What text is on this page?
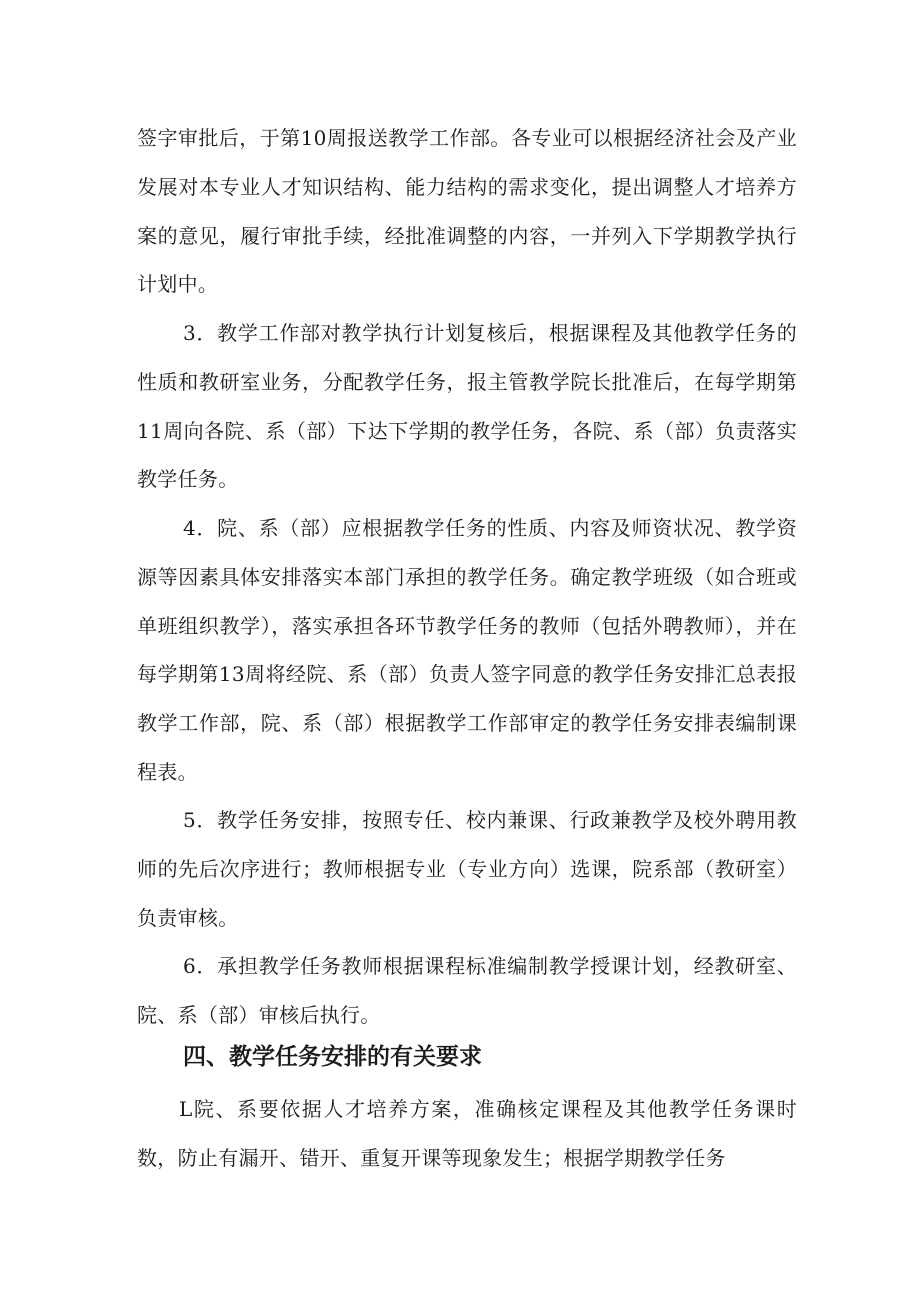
签字审批后，于第10周报送教学工作部。各专业可以根据经济社会及产业发展对本专业人才知识结构、能力结构的需求变化，提出调整人才培养方案的意见，履行审批手续，经批准调整的内容，一并列入下学期教学执行计划中。

3．教学工作部对教学执行计划复核后，根据课程及其他教学任务的性质和教研室业务，分配教学任务，报主管教学院长批准后，在每学期第11周向各院、系（部）下达下学期的教学任务，各院、系（部）负责落实教学任务。

4．院、系（部）应根据教学任务的性质、内容及师资状况、教学资源等因素具体安排落实本部门承担的教学任务。确定教学班级（如合班或单班组织教学），落实承担各环节教学任务的教师（包括外聘教师），并在每学期第13周将经院、系（部）负责人签字同意的教学任务安排汇总表报教学工作部，院、系（部）根据教学工作部审定的教学任务安排表编制课程表。

5．教学任务安排，按照专任、校内兼课、行政兼教学及校外聘用教师的先后次序进行；教师根据专业（专业方向）选课，院系部（教研室）负责审核。

6．承担教学任务教师根据课程标准编制教学授课计划，经教研室、院、系（部）审核后执行。

四、教学任务安排的有关要求

L院、系要依据人才培养方案，准确核定课程及其他教学任务课时数，防止有漏开、错开、重复开课等现象发生；根据学期教学任务
